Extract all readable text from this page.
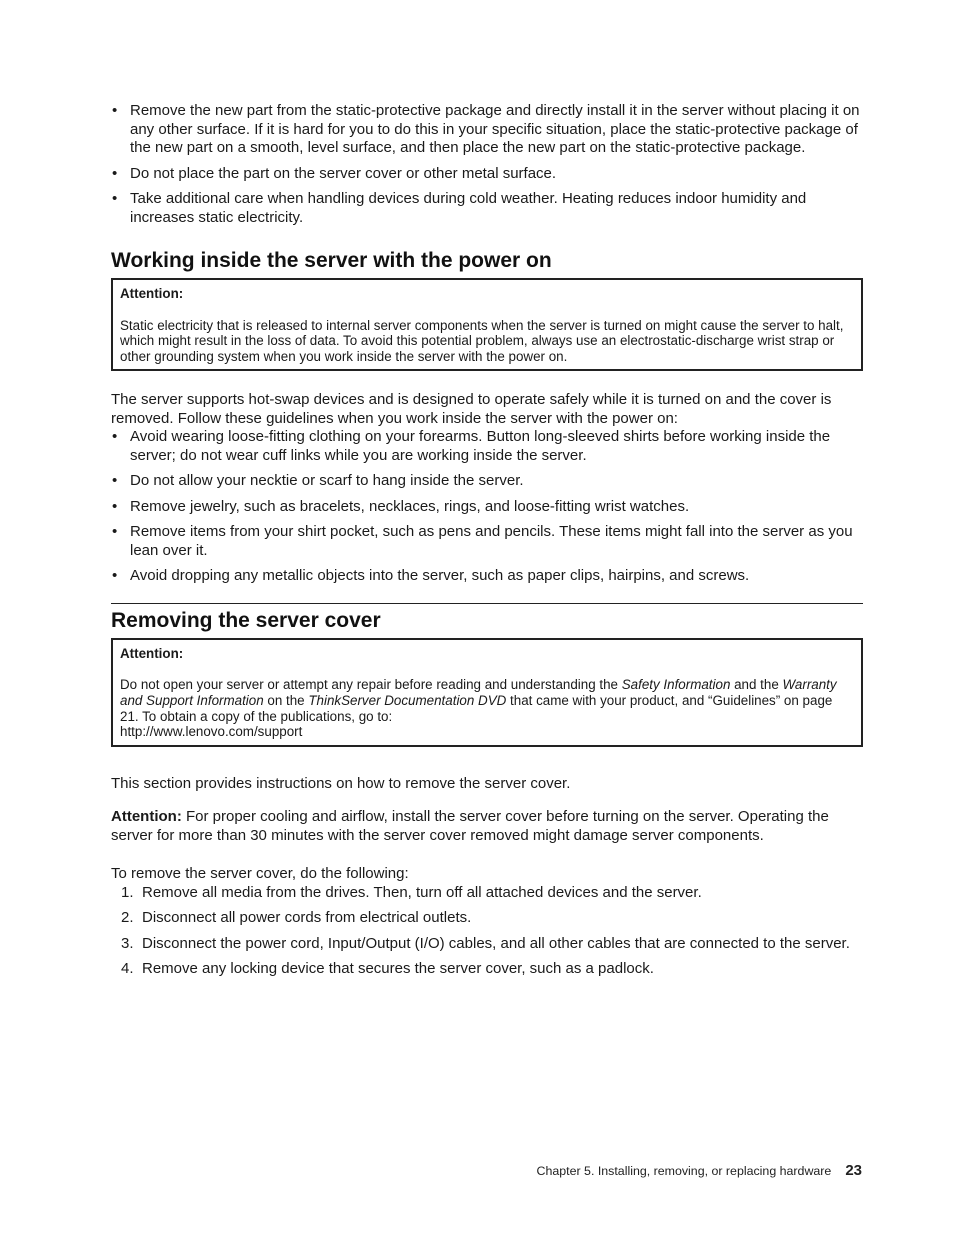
• Remove the new part from the static-protective package and directly install it in the server without placing it on any other surface. If it is hard for you to do this in your specific situation, place the static-protective package of the new part on a smooth, level surface, and then place the new part on the static-protective package.
• Do not place the part on the server cover or other metal surface.
• Take additional care when handling devices during cold weather. Heating reduces indoor humidity and increases static electricity.
Working inside the server with the power on
Attention:
Static electricity that is released to internal server components when the server is turned on might cause the server to halt, which might result in the loss of data. To avoid this potential problem, always use an electrostatic-discharge wrist strap or other grounding system when you work inside the server with the power on.

The server supports hot-swap devices and is designed to operate safely while it is turned on and the cover is removed. Follow these guidelines when you work inside the server with the power on:

• Avoid wearing loose-fitting clothing on your forearms. Button long-sleeved shirts before working inside the server; do not wear cuff links while you are working inside the server.
• Do not allow your necktie or scarf to hang inside the server.
• Remove jewelry, such as bracelets, necklaces, rings, and loose-fitting wrist watches.
• Remove items from your shirt pocket, such as pens and pencils. These items might fall into the server as you lean over it.
• Avoid dropping any metallic objects into the server, such as paper clips, hairpins, and screws.
Removing the server cover
Attention:
Do not open your server or attempt any repair before reading and understanding the Safety Information and the Warranty and Support Information on the ThinkServer Documentation DVD that came with your product, and “Guidelines” on page 21. To obtain a copy of the publications, go to:
http://www.lenovo.com/support

This section provides instructions on how to remove the server cover.

Attention: For proper cooling and airflow, install the server cover before turning on the server. Operating the server for more than 30 minutes with the server cover removed might damage server components.

To remove the server cover, do the following:

1. Remove all media from the drives. Then, turn off all attached devices and the server.
2. Disconnect all power cords from electrical outlets.
3. Disconnect the power cord, Input/Output (I/O) cables, and all other cables that are connected to the server.
4. Remove any locking device that secures the server cover, such as a padlock.
Chapter 5. Installing, removing, or replacing hardware 23
